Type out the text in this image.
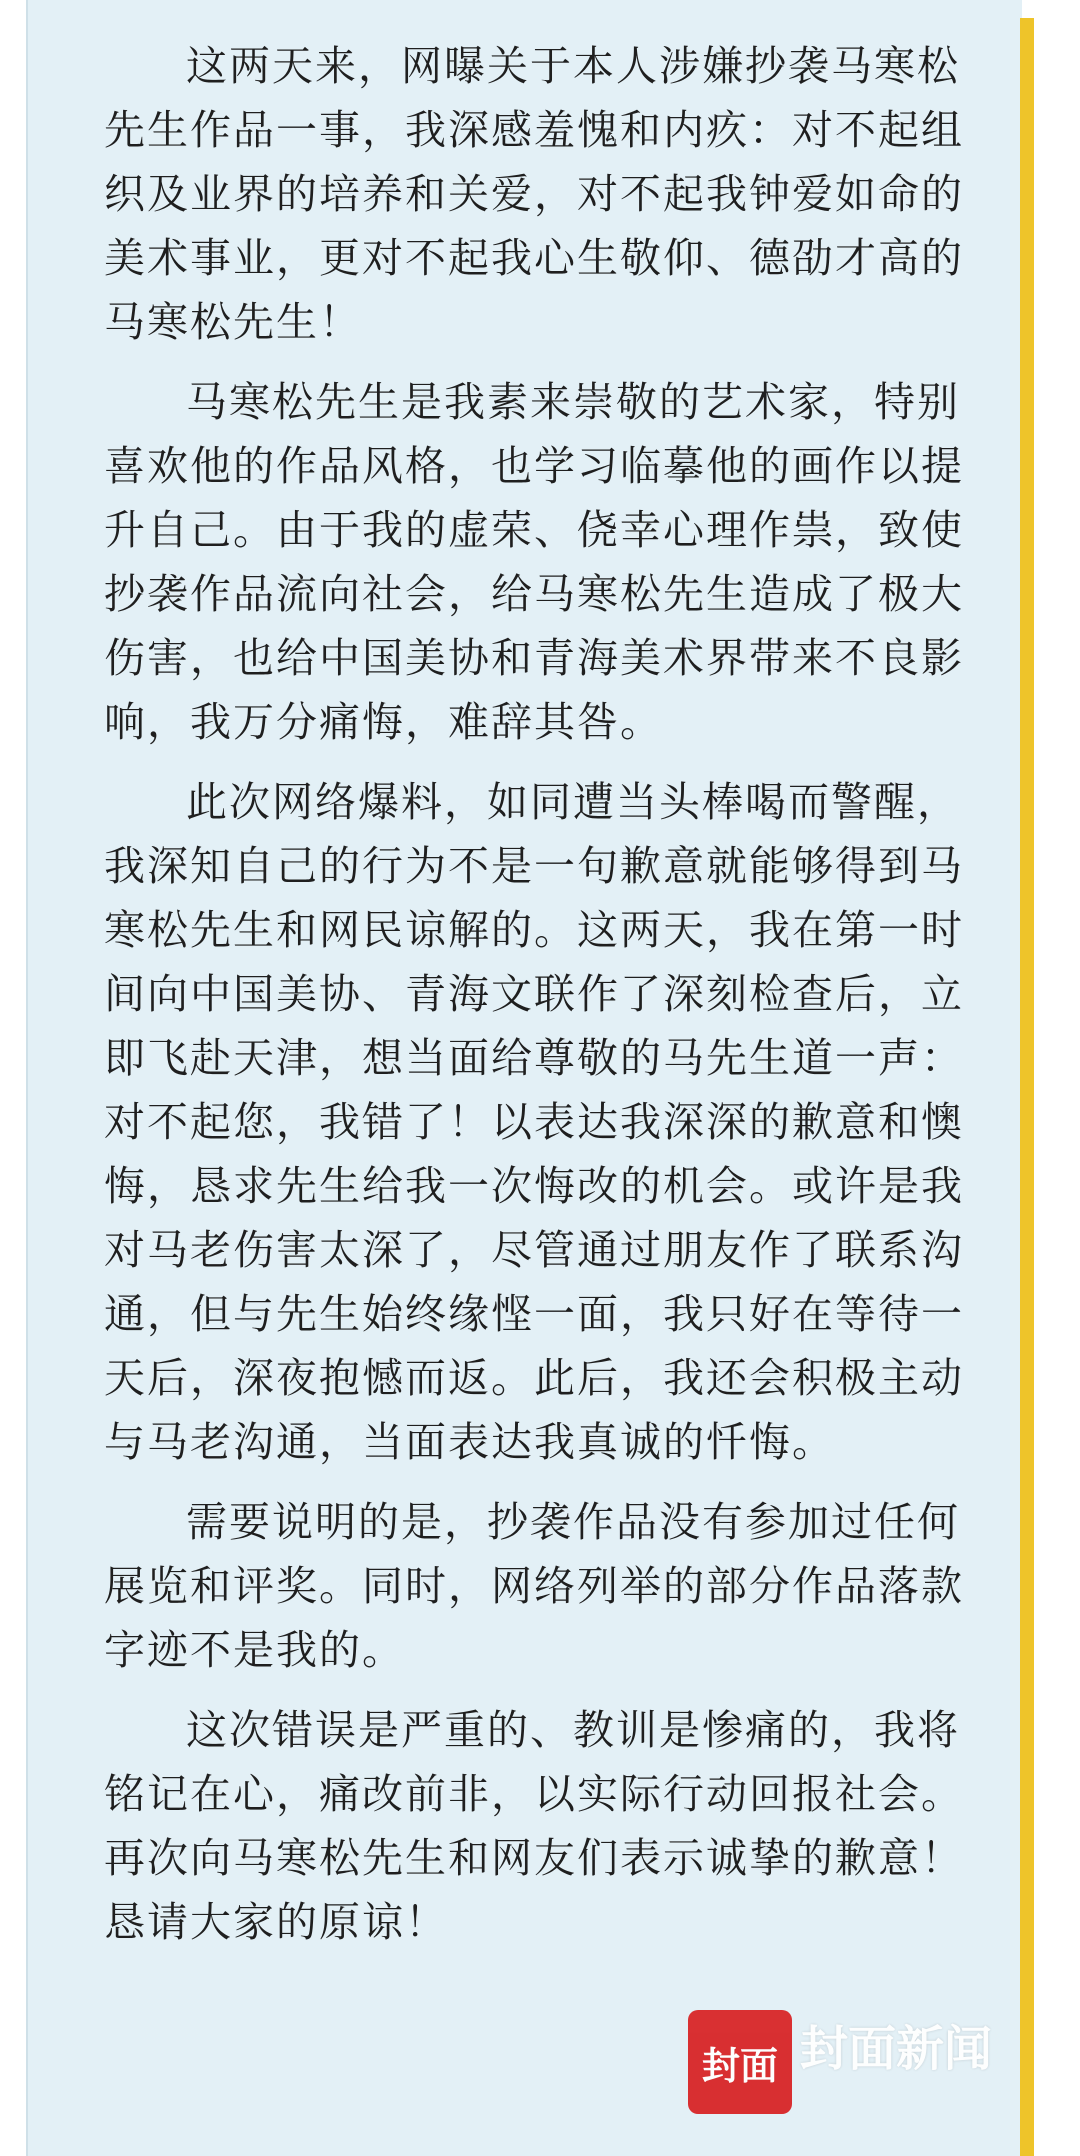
这两天来，网曝关于本人涉嫌抄袭马寒松
先生作品一事，我深感羞愧和内疚：对不起组
织及业界的培养和关爱，对不起我钟爱如命的
美术事业，更对不起我心生敬仰、德劭才高的
马寒松先生！
马寒松先生是我素来崇敬的艺术家，特别
喜欢他的作品风格，也学习临摹他的画作以提
升自己。由于我的虚荣、侥幸心理作祟，致使
抄袭作品流向社会，给马寒松先生造成了极大
伤害，也给中国美协和青海美术界带来不良影
响，我万分痛悔，难辞其咎。
此次网络爆料，如同遭当头棒喝而警醒，
我深知自己的行为不是一句歉意就能够得到马
寒松先生和网民谅解的。这两天，我在第一时
间向中国美协、青海文联作了深刻检查后，立
即飞赴天津，想当面给尊敬的马先生道一声：
对不起您，我错了！以表达我深深的歉意和懊
悔，恳求先生给我一次悔改的机会。或许是我
对马老伤害太深了，尽管通过朋友作了联系沟
通，但与先生始终缘悭一面，我只好在等待一
天后，深夜抱憾而返。此后，我还会积极主动
与马老沟通，当面表达我真诚的忏悔。
需要说明的是，抄袭作品没有参加过任何
展览和评奖。同时，网络列举的部分作品落款
字迹不是我的。
这次错误是严重的、教训是惨痛的，我将
铭记在心，痛改前非，以实际行动回报社会。
再次向马寒松先生和网友们表示诚挚的歉意！
恳请大家的原谅！
封面 封面新闻
